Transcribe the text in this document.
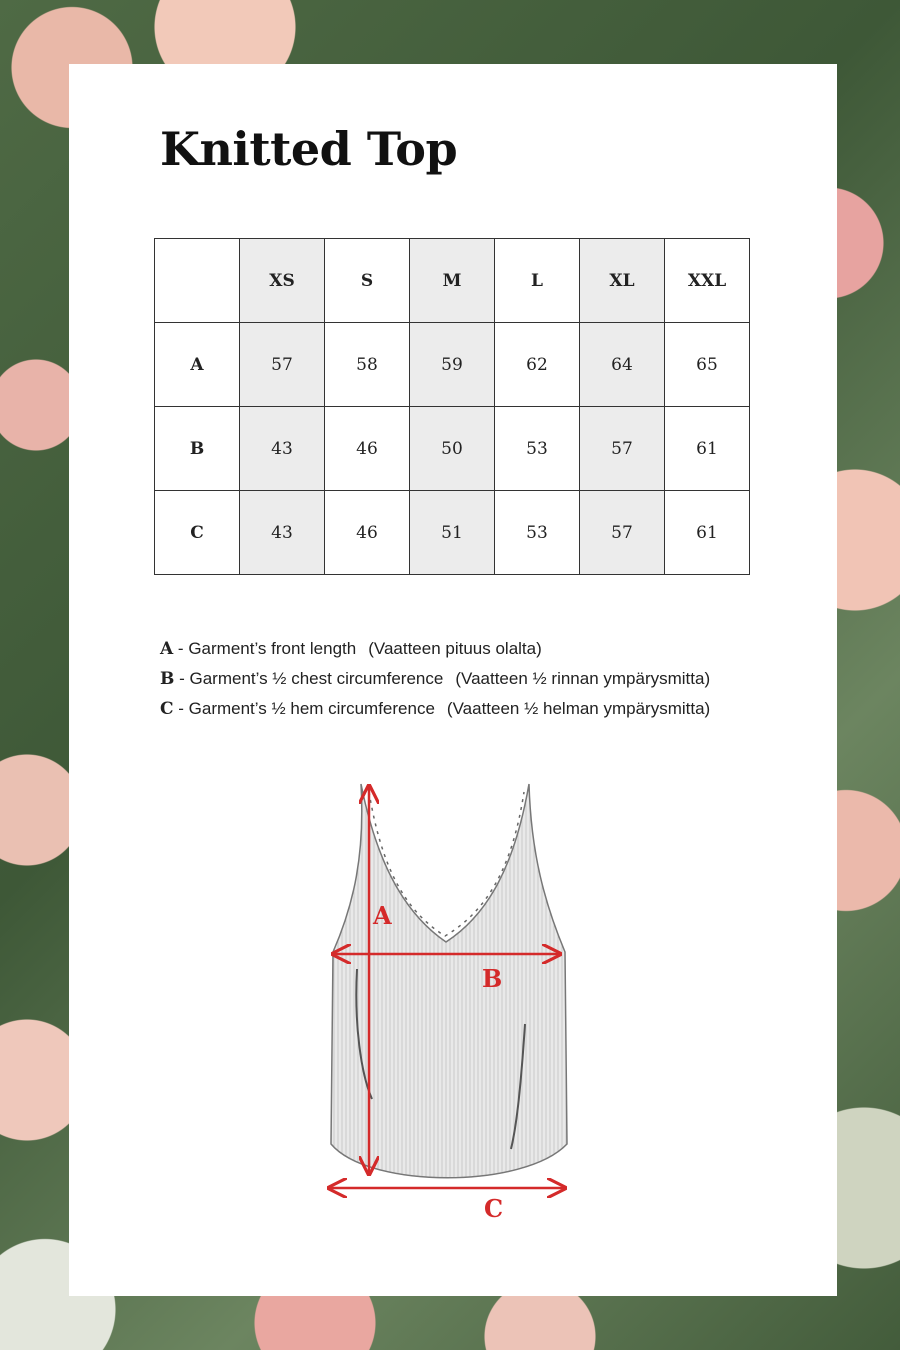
Knitted Top
	XS	S	M	L	XL	XXL
A	57	58	59	62	64	65
B	43	46	50	53	57	61
C	43	46	51	53	57	61
A - Garment’s front length (Vaatteen pituus olalta)
B - Garment’s ½ chest circumference (Vaatteen ½ rinnan ympärysmitta)
C - Garment’s ½ hem circumference (Vaatteen ½ helman ympärysmitta)
A
B
C
